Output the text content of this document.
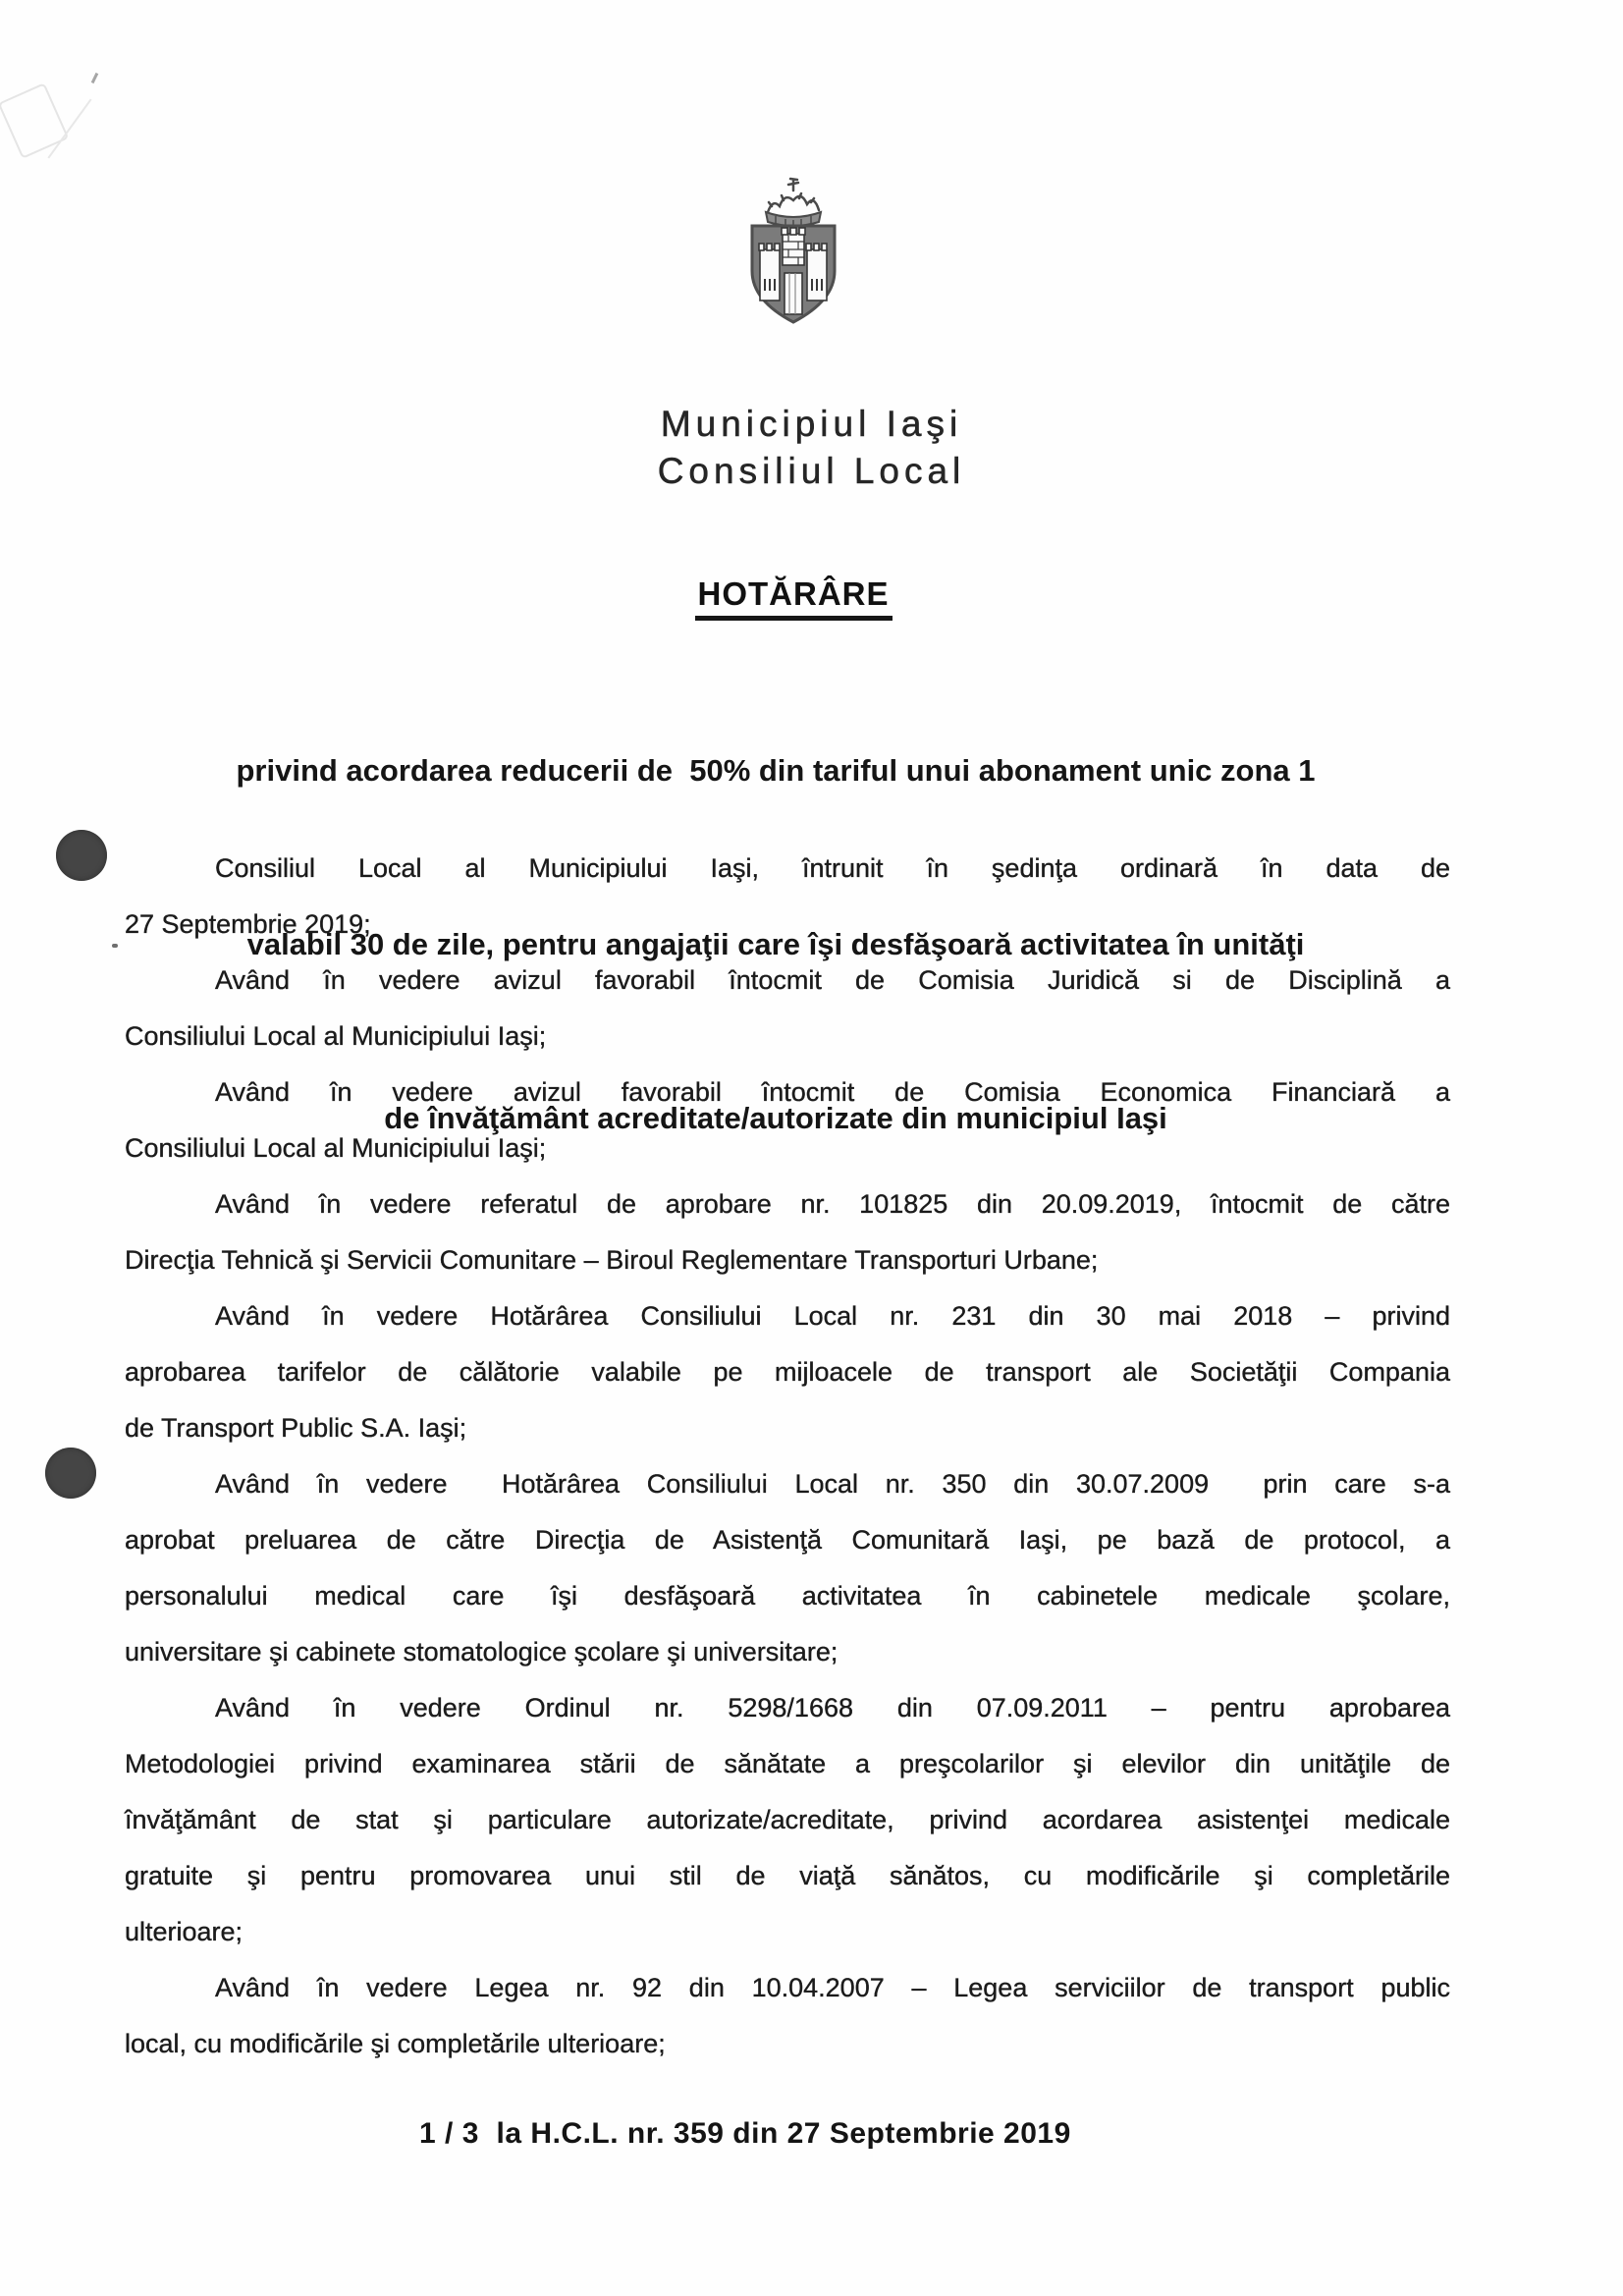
Municipiul Iaşi
Consiliul Local
HOTĂRÂRE

privind acordarea reducerii de  50% din tariful unui abonament unic zona 1

valabil 30 de zile, pentru angajaţii care îşi desfăşoară activitatea în unităţi

de învăţământ acreditate/autorizate din municipiul Iaşi

Consiliul Local al Municipiului Iaşi, întrunit în şedinţa ordinară în data de
27 Septembrie 2019;
Având în vedere avizul favorabil întocmit de Comisia Juridică si de Disciplină a
Consiliului Local al Municipiului Iaşi;
Având în vedere avizul favorabil întocmit de Comisia Economica Financiară a
Consiliului Local al Municipiului Iaşi;
Având în vedere referatul de aprobare nr. 101825 din 20.09.2019, întocmit de către
Direcţia Tehnică şi Servicii Comunitare – Biroul Reglementare Transporturi Urbane;
Având în vedere Hotărârea Consiliului Local nr. 231 din 30 mai 2018 – privind
aprobarea tarifelor de călătorie valabile pe mijloacele de transport ale Societăţii Compania
de Transport Public S.A. Iaşi;
Având în vedere  Hotărârea Consiliului Local nr. 350 din 30.07.2009  prin care s-a
aprobat preluarea de către Direcţia de Asistenţă Comunitară Iaşi, pe bază de protocol, a
personalului medical care îşi desfăşoară activitatea în cabinetele medicale şcolare,
universitare şi cabinete stomatologice şcolare şi universitare;
Având în vedere Ordinul nr. 5298/1668 din 07.09.2011 – pentru aprobarea
Metodologiei privind examinarea stării de sănătate a preşcolarilor şi elevilor din unităţile de
învăţământ de stat şi particulare autorizate/acreditate, privind acordarea asistenţei medicale
gratuite şi pentru promovarea unui stil de viaţă sănătos, cu modificările şi completările
ulterioare;
Având în vedere Legea nr. 92 din 10.04.2007 – Legea serviciilor de transport public
local, cu modificările şi completările ulterioare;
1 / 3  la H.C.L. nr. 359 din 27 Septembrie 2019
